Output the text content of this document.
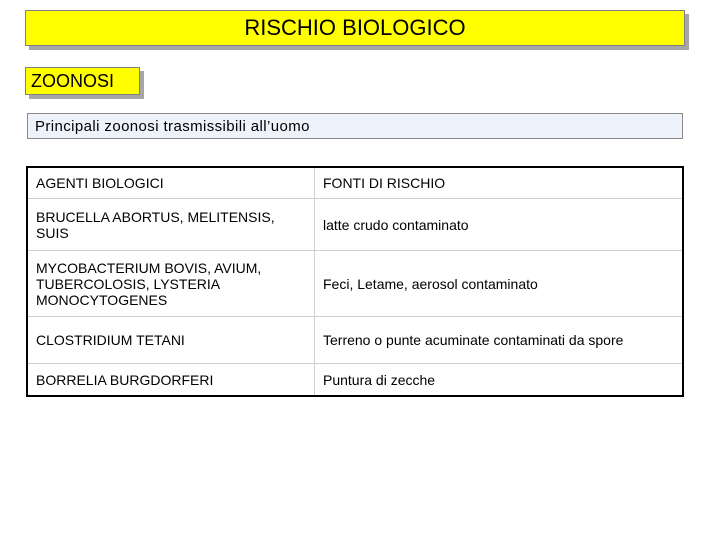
RISCHIO BIOLOGICO
ZOONOSI
Principali zoonosi trasmissibili all’uomo
AGENTI BIOLOGICI	FONTI DI RISCHIO
BRUCELLA ABORTUS, MELITENSIS, SUIS	latte crudo contaminato
MYCOBACTERIUM BOVIS, AVIUM, TUBERCOLOSIS, LYSTERIA MONOCYTOGENES	Feci, Letame, aerosol contaminato
CLOSTRIDIUM TETANI	Terreno o punte acuminate contaminati da spore
BORRELIA BURGDORFERI	Puntura di zecche
